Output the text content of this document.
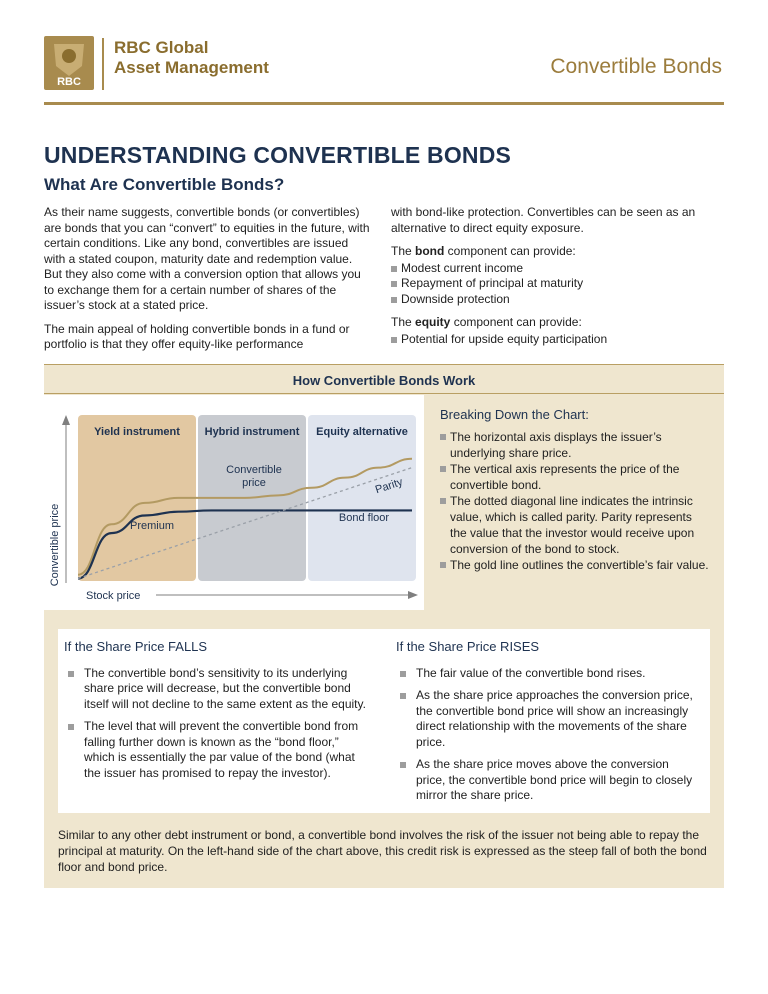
RBC
RBC Global
Asset Management	Convertible Bonds
UNDERSTANDING CONVERTIBLE BONDS
What Are Convertible Bonds?

As their name suggests, convertible bonds (or convertibles) are bonds that you can “convert” to equities in the future, with certain conditions. Like any bond, convertibles are issued with a stated coupon, maturity date and redemption value. But they also come with a conversion option that allows you to exchange them for a certain number of shares of the issuer’s stock at a stated price.

The main appeal of holding convertible bonds in a fund or portfolio is that they offer equity-like performance

with bond-like protection. Convertibles can be seen as an alternative to direct equity exposure.

The bond component can provide:
Modest current income
Repayment of principal at maturity
Downside protection
The equity component can provide:
Potential for upside equity participation
How Convertible Bonds Work
Yield instrument Hybrid instrument Equity alternative
Convertible price
Bond floor
Premium
Parity
Convertible price
Stock price
Breaking Down the Chart:
The horizontal axis displays the issuer’s underlying share price.
The vertical axis represents the price of the convertible bond.
The dotted diagonal line indicates the intrinsic value, which is called parity. Parity represents the value that the investor would receive upon conversion of the bond to stock.
The gold line outlines the convertible’s fair value.
If the Share Price FALLS
The convertible bond’s sensitivity to its underlying share price will decrease, but the convertible bond itself will not decline to the same extent as the equity.
The level that will prevent the convertible bond from falling further down is known as the “bond floor,” which is essentially the par value of the bond (what the issuer has promised to repay the investor).
If the Share Price RISES
The fair value of the convertible bond rises.
As the share price approaches the conversion price, the convertible bond price will show an increasingly direct relationship with the movements of the share price.
As the share price moves above the conversion price, the convertible bond price will begin to closely mirror the share price.

Similar to any other debt instrument or bond, a convertible bond involves the risk of the issuer not being able to repay the principal at maturity. On the left-hand side of the chart above, this credit risk is expressed as the steep fall of both the bond floor and bond price.
